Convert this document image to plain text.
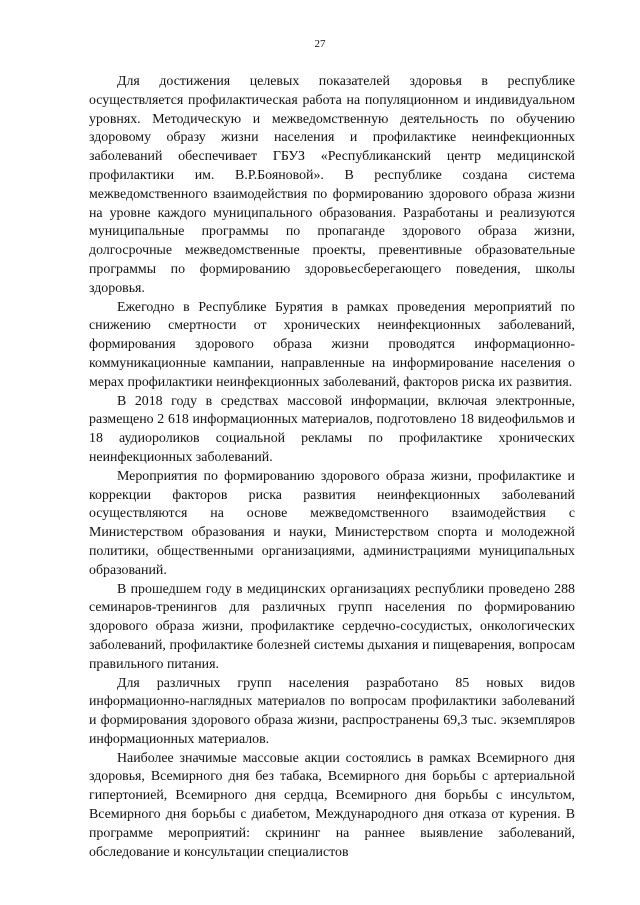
27

Для достижения целевых показателей здоровья в республике осуществляется профилактическая работа на популяционном и индивидуальном уровнях. Методическую и межведомственную деятельность по обучению здоровому образу жизни населения и профилактике неинфекционных заболеваний обеспечивает ГБУЗ «Республиканский центр медицинской профилактики им. В.Р.Бояновой». В республике создана система межведомственного взаимодействия по формированию здорового образа жизни на уровне каждого муниципального образования. Разработаны и реализуются муниципальные программы по пропаганде здорового образа жизни, долгосрочные межведомственные проекты, превентивные образовательные программы по формированию здоровьесберегающего поведения, школы здоровья.

Ежегодно в Республике Бурятия в рамках проведения мероприятий по снижению смертности от хронических неинфекционных заболеваний, формирования здорового образа жизни проводятся информационно-коммуникационные кампании, направленные на информирование населения о мерах профилактики неинфекционных заболеваний, факторов риска их развития.

В 2018 году в средствах массовой информации, включая электронные, размещено 2 618 информационных материалов, подготовлено 18 видеофильмов и 18 аудиороликов социальной рекламы по профилактике хронических неинфекционных заболеваний.

Мероприятия по формированию здорового образа жизни, профилактике и коррекции факторов риска развития неинфекционных заболеваний осуществляются на основе межведомственного взаимодействия с Министерством образования и науки, Министерством спорта и молодежной политики, общественными организациями, администрациями муниципальных образований.

В прошедшем году в медицинских организациях республики проведено 288 семинаров-тренингов для различных групп населения по формированию здорового образа жизни, профилактике сердечно-сосудистых, онкологических заболеваний, профилактике болезней системы дыхания и пищеварения, вопросам правильного питания.

Для различных групп населения разработано 85 новых видов информационно-наглядных материалов по вопросам профилактики заболеваний и формирования здорового образа жизни, распространены 69,3 тыс. экземпляров информационных материалов.

Наиболее значимые массовые акции состоялись в рамках Всемирного дня здоровья, Всемирного дня без табака, Всемирного дня борьбы с артериальной гипертонией, Всемирного дня сердца, Всемирного дня борьбы с инсультом, Всемирного дня борьбы с диабетом, Международного дня отказа от курения. В программе мероприятий: скрининг на раннее выявление заболеваний, обследование и консультации специалистов
